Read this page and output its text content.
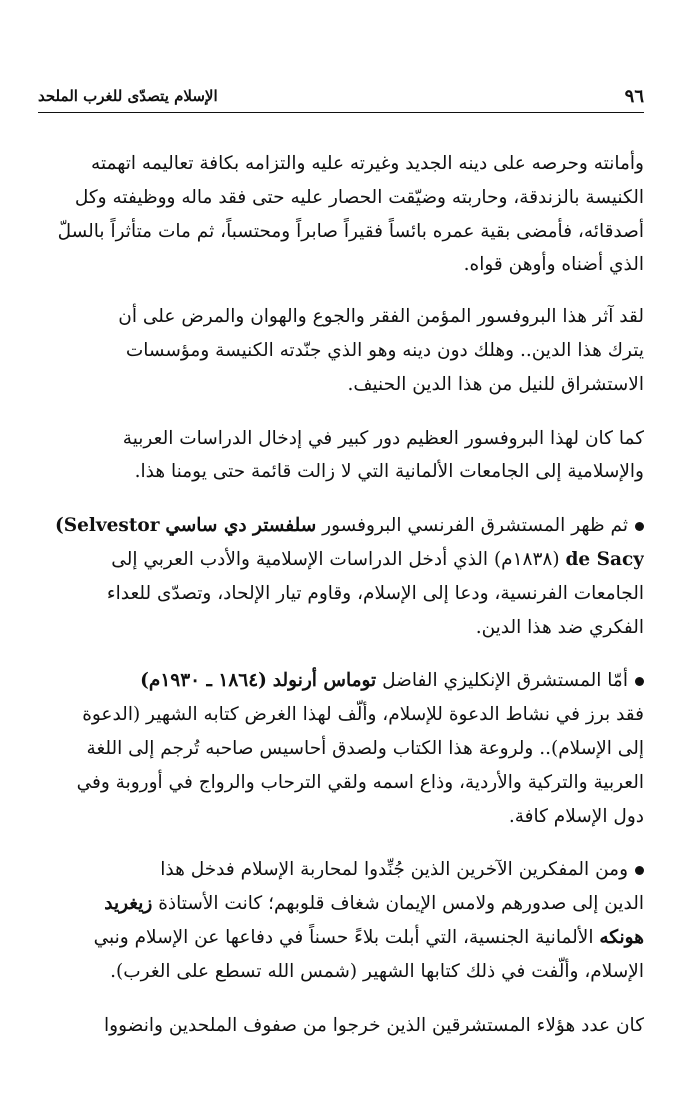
٩٦
الإسلام يتصدّى للغرب الملحد

وأمانته وحرصه على دينه الجديد وغيرته عليه والتزامه بكافة تعاليمه اتهمته
الكنيسة بالزندقة، وحاربته وضيّقت الحصار عليه حتى فقد ماله ووظيفته وكل
أصدقائه، فأمضى بقية عمره بائساً فقيراً صابراً ومحتسباً، ثم مات متأثراً بالسلّ
الذي أضناه وأوهن قواه.

لقد آثر هذا البروفسور المؤمن الفقر والجوع والهوان والمرض على أن
يترك هذا الدين.. وهلك دون دينه وهو الذي جنّدته الكنيسة ومؤسسات
الاستشراق للنيل من هذا الدين الحنيف.

كما كان لهذا البروفسور العظيم دور كبير في إدخال الدراسات العربية
والإسلامية إلى الجامعات الألمانية التي لا زالت قائمة حتى يومنا هذا.

ثم ظهر المستشرق الفرنسي البروفسور سلفستر دي ساسي (Selvestor
de Sacy (١٨٣٨م) الذي أدخل الدراسات الإسلامية والأدب العربي إلى
الجامعات الفرنسية، ودعا إلى الإسلام، وقاوم تيار الإلحاد، وتصدّى للعداء
الفكري ضد هذا الدين.

أمّا المستشرق الإنكليزي الفاضل توماس أرنولد (١٨٦٤ ـ ١٩٣٠م)
فقد برز في نشاط الدعوة للإسلام، وألّف لهذا الغرض كتابه الشهير (الدعوة
إلى الإسلام).. ولروعة هذا الكتاب ولصدق أحاسيس صاحبه تُرجم إلى اللغة
العربية والتركية والأردية، وذاع اسمه ولقي الترحاب والرواج في أوروبة وفي
دول الإسلام كافة.

ومن المفكرين الآخرين الذين جُنِّدوا لمحاربة الإسلام فدخل هذا
الدين إلى صدورهم ولامس الإيمان شغاف قلوبهم؛ كانت الأستاذة زيغريد
هونكه الألمانية الجنسية، التي أبلت بلاءً حسناً في دفاعها عن الإسلام ونبي
الإسلام، وألّفت في ذلك كتابها الشهير (شمس الله تسطع على الغرب).

كان عدد هؤلاء المستشرقين الذين خرجوا من صفوف الملحدين وانضووا
